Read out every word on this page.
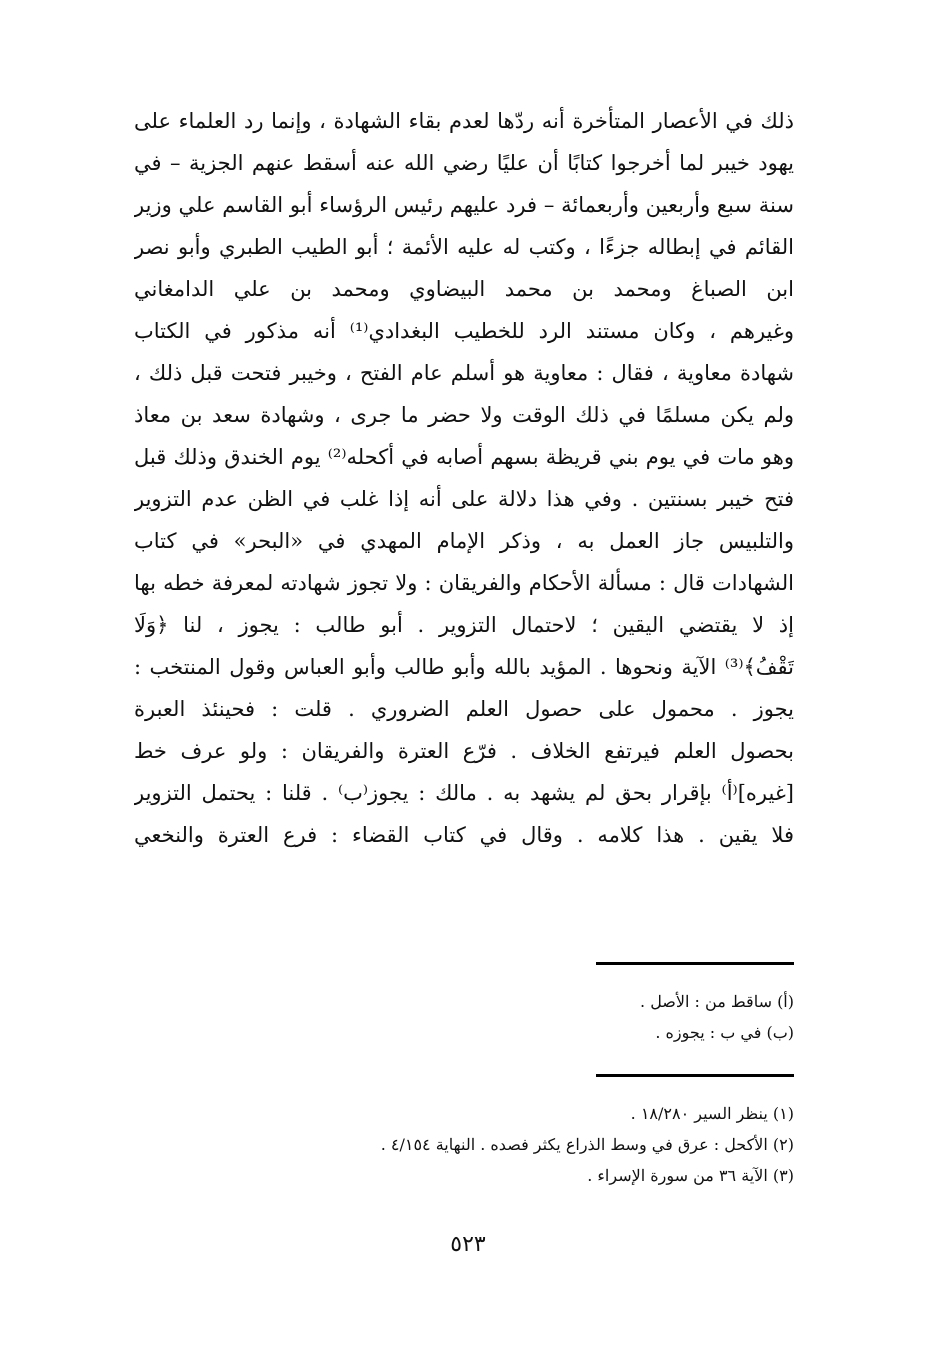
ذلك في الأعصار المتأخرة أنه ردّها لعدم بقاء الشهادة ، وإنما رد العلماء على
يهود خيبر لما أخرجوا كتابًا أن عليًا رضي الله عنه أسقط عنهم الجزية – في
سنة سبع وأربعين وأربعمائة – فرد عليهم رئيس الرؤساء أبو القاسم علي وزير
القائم في إبطاله جزءًا ، وكتب له عليه الأئمة ؛ أبو الطيب الطبري وأبو نصر
ابن الصباغ ومحمد بن محمد البيضاوي ومحمد بن علي الدامغاني
وغيرهم ، وكان مستند الرد للخطيب البغدادي⁽¹⁾ أنه مذكور في الكتاب
شهادة معاوية ، فقال : معاوية هو أسلم عام الفتح ، وخيبر فتحت قبل ذلك ،
ولم يكن مسلمًا في ذلك الوقت ولا حضر ما جرى ، وشهادة سعد بن معاذ
وهو مات في يوم بني قريظة بسهم أصابه في أكحله⁽²⁾ يوم الخندق وذلك قبل
فتح خيبر بسنتين . وفي هذا دلالة على أنه إذا غلب في الظن عدم التزوير
والتلبيس جاز العمل به ، وذكر الإمام المهدي في «البحر» في كتاب
الشهادات قال : مسألة الأحكام والفريقان : ولا تجوز شهادته لمعرفة خطه بها
إذ لا يقتضي اليقين ؛ لاحتمال التزوير . أبو طالب : يجوز ، لنا ﴿وَلَا
تَقْفُ﴾⁽³⁾ الآية ونحوها . المؤيد بالله وأبو طالب وأبو العباس وقول المنتخب :
يجوز . محمول على حصول العلم الضروري . قلت : فحينئذ العبرة
بحصول العلم فيرتفع الخلاف . فرّع العترة والفريقان : ولو عرف خط
[غيره]⁽أ⁾ بإقرار بحق لم يشهد به . مالك : يجوز⁽ب⁾ . قلنا : يحتمل التزوير
فلا يقين . هذا كلامه . وقال في كتاب القضاء : فرع العترة والنخعي
(أ) ساقط من : الأصل .
(ب) في ب : يجوزه .
(١) ينظر السير ١٨/٢٨٠ .
(٢) الأكحل : عرق في وسط الذراع يكثر فصده . النهاية ٤/١٥٤ .
(٣) الآية ٣٦ من سورة الإسراء .
٥٢٣
